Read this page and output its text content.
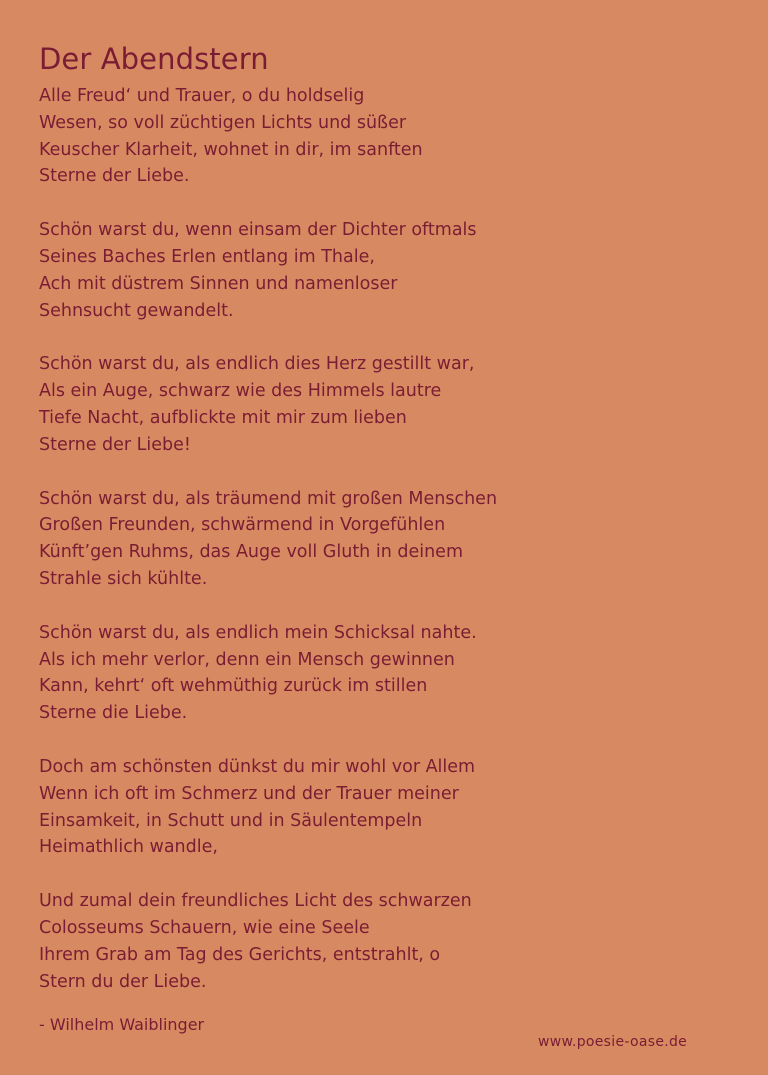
Der Abendstern
Alle Freud‘ und Trauer, o du holdselig
Wesen, so voll züchtigen Lichts und süßer
Keuscher Klarheit, wohnet in dir, im sanften
Sterne der Liebe.
Schön warst du, wenn einsam der Dichter oftmals
Seines Baches Erlen entlang im Thale,
Ach mit düstrem Sinnen und namenloser
Sehnsucht gewandelt.
Schön warst du, als endlich dies Herz gestillt war,
Als ein Auge, schwarz wie des Himmels lautre
Tiefe Nacht, aufblickte mit mir zum lieben
Sterne der Liebe!
Schön warst du, als träumend mit großen Menschen
Großen Freunden, schwärmend in Vorgefühlen
Künft’gen Ruhms, das Auge voll Gluth in deinem
Strahle sich kühlte.
Schön warst du, als endlich mein Schicksal nahte.
Als ich mehr verlor, denn ein Mensch gewinnen
Kann, kehrt‘ oft wehmüthig zurück im stillen
Sterne die Liebe.
Doch am schönsten dünkst du mir wohl vor Allem
Wenn ich oft im Schmerz und der Trauer meiner
Einsamkeit, in Schutt und in Säulentempeln
Heimathlich wandle,
Und zumal dein freundliches Licht des schwarzen
Colosseums Schauern, wie eine Seele
Ihrem Grab am Tag des Gerichts, entstrahlt, o
Stern du der Liebe.
- Wilhelm Waiblinger
www.poesie-oase.de
